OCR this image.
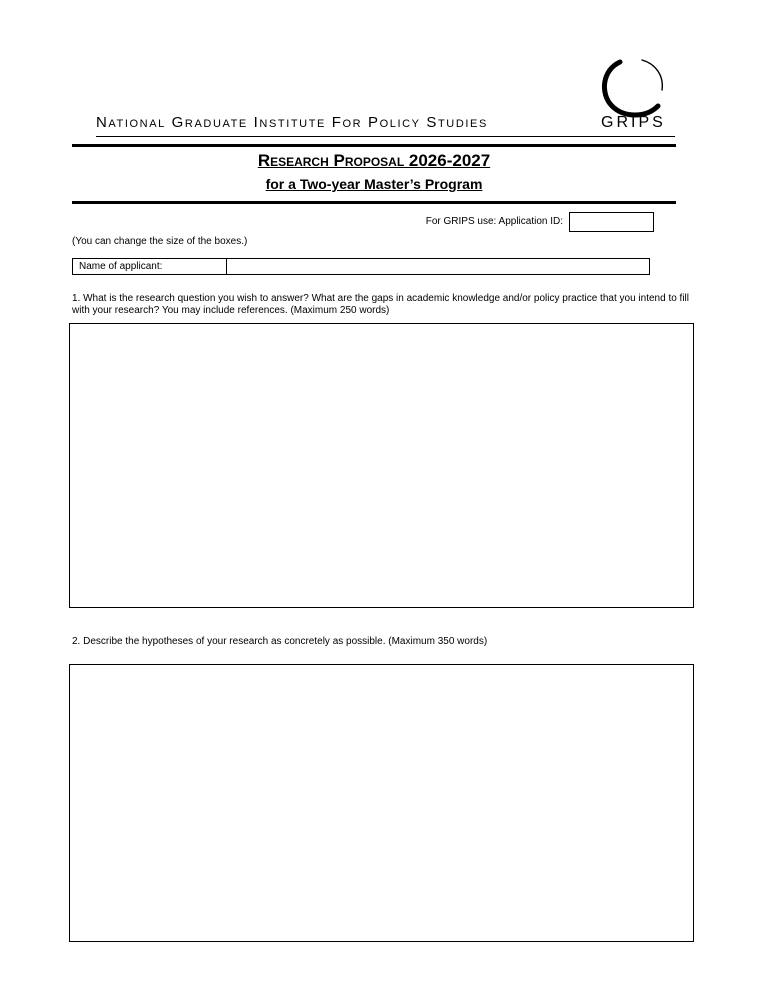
National Graduate Institute For Policy Studies	GRIPS
Research Proposal 2026-2027
for a Two-year Master’s Program
For GRIPS use: Application ID:
(You can change the size of the boxes.)
Name of applicant:
1. What is the research question you wish to answer? What are the gaps in academic knowledge and/or policy practice that you intend to fill with your research? You may include references. (Maximum 250 words)
2. Describe the hypotheses of your research as concretely as possible. (Maximum 350 words)
